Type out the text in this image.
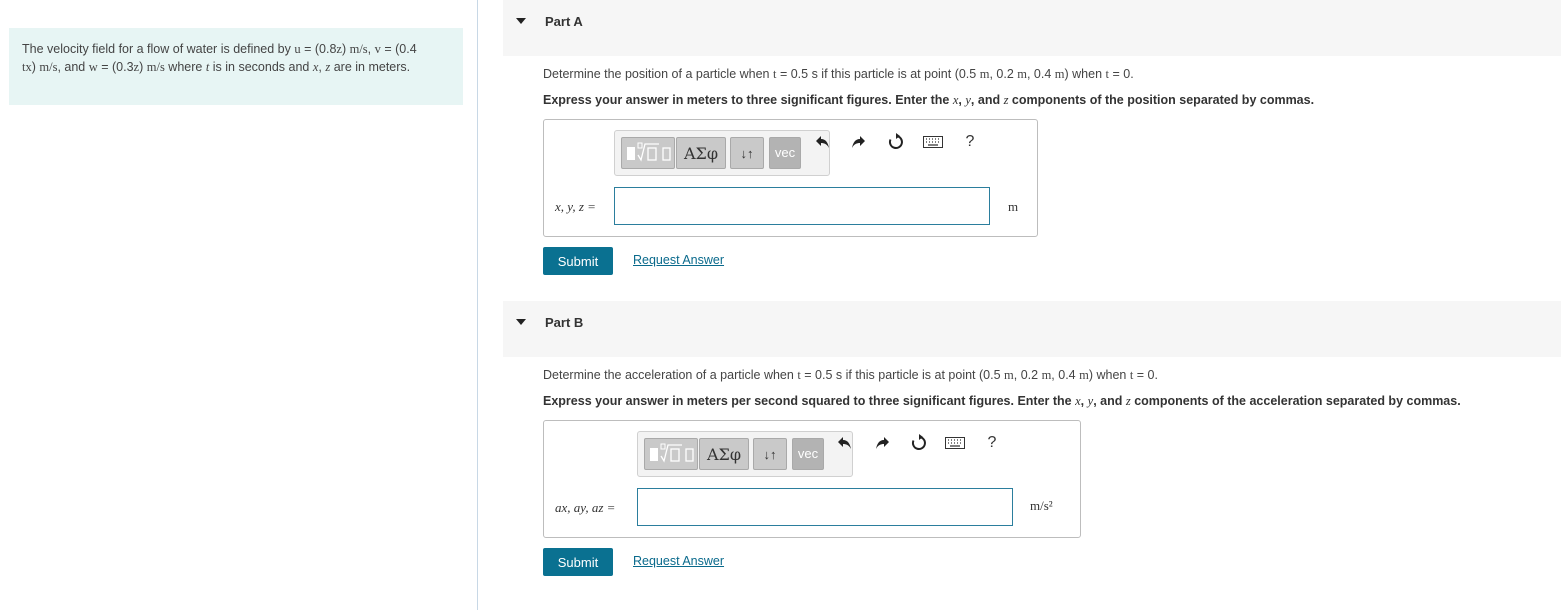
The velocity field for a flow of water is defined by u = (0.8z) m/s, v = (0.4
tx) m/s, and w = (0.3z) m/s where t is in seconds and x, z are in meters.
Part A
Determine the position of a particle when t = 0.5 s if this particle is at point (0.5 m, 0.2 m, 0.4 m) when t = 0.
Express your answer in meters to three significant figures. Enter the x, y, and z components of the position separated by commas.
ΑΣφ	↓↑	vec
?
x, y, z =	m
Submit	Request Answer
Part B
Determine the acceleration of a particle when t = 0.5 s if this particle is at point (0.5 m, 0.2 m, 0.4 m) when t = 0.
Express your answer in meters per second squared to three significant figures. Enter the x, y, and z components of the acceleration separated by commas.
ΑΣφ	↓↑	vec
?
ax, ay, az =	m/s²
Submit	Request Answer
